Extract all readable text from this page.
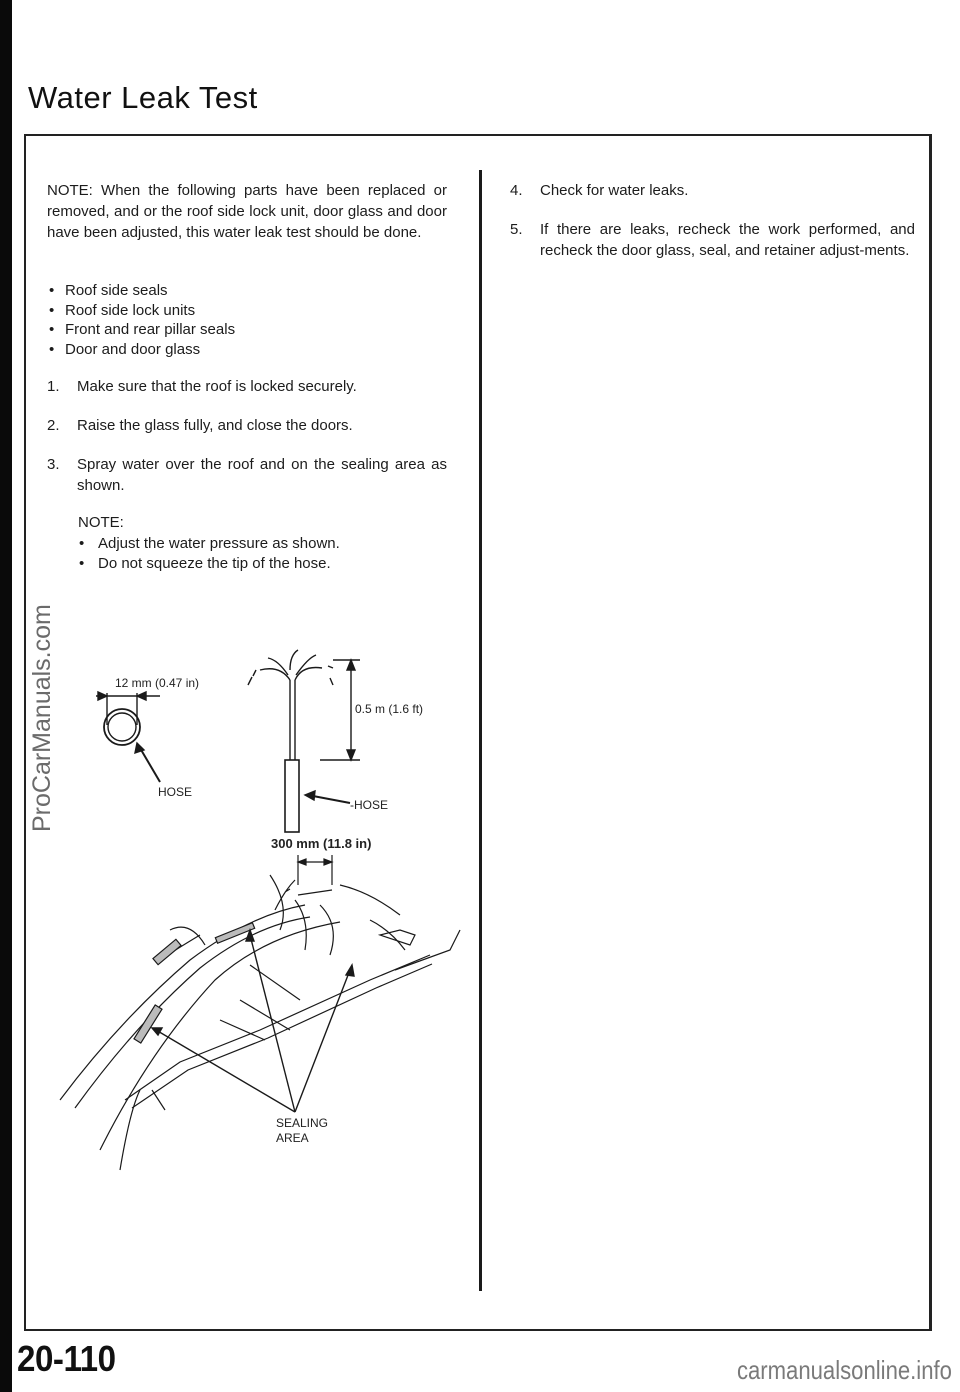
Water Leak Test
NOTE: When the following parts have been replaced or removed, and or the roof side lock unit, door glass and door have been adjusted, this water leak test should be done.
• Roof side seals
• Roof side lock units
• Front and rear pillar seals
• Door and door glass
1. Make sure that the roof is locked securely.
2. Raise the glass fully, and close the doors.
3. Spray water over the roof and on the sealing area as shown.
NOTE:
• Adjust the water pressure as shown.
• Do not squeeze the tip of the hose.
4. Check for water leaks.
5. If there are leaks, recheck the work performed, and recheck the door glass, seal, and retainer adjust-ments.
12 mm (0.47 in)
HOSE
0.5 m (1.6 ft)
-HOSE
300 mm (11.8 in)
SEALING
AREA
ProCarManuals.com
20-110	carmanualsonline.info
